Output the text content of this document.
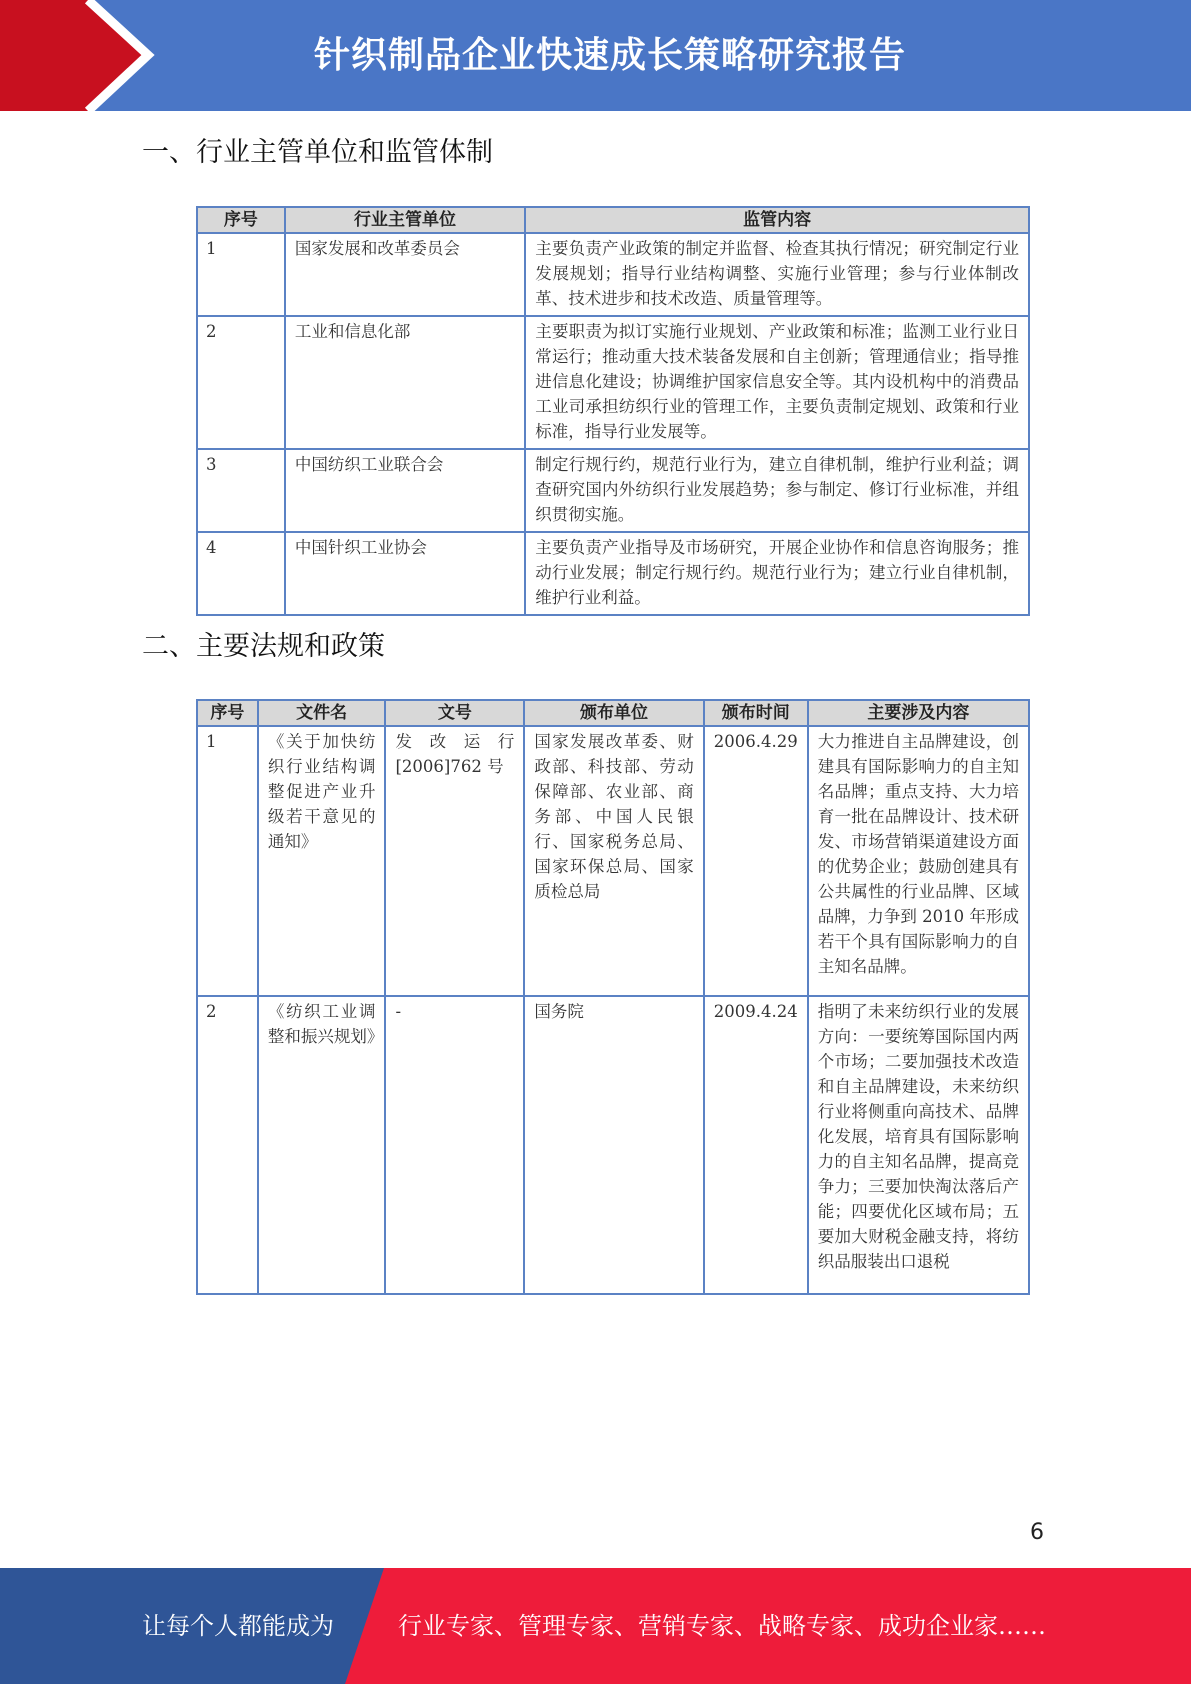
针织制品企业快速成长策略研究报告
一、行业主管单位和监管体制
序号	行业主管单位	监管内容
1	国家发展和改革委员会	主要负责产业政策的制定并监督、检查其执行情况；研究制定行业发展规划；指导行业结构调整、实施行业管理；参与行业体制改革、技术进步和技术改造、质量管理等。
2	工业和信息化部	主要职责为拟订实施行业规划、产业政策和标准；监测工业行业日常运行；推动重大技术装备发展和自主创新；管理通信业；指导推进信息化建设；协调维护国家信息安全等。其内设机构中的消费品工业司承担纺织行业的管理工作，主要负责制定规划、政策和行业标准，指导行业发展等。
3	中国纺织工业联合会	制定行规行约，规范行业行为，建立自律机制，维护行业利益；调查研究国内外纺织行业发展趋势；参与制定、修订行业标准，并组织贯彻实施。
4	中国针织工业协会	主要负责产业指导及市场研究，开展企业协作和信息咨询服务；推动行业发展；制定行规行约。规范行业行为；建立行业自律机制，维护行业利益。
二、主要法规和政策
序号	文件名	文号	颁布单位	颁布时间	主要涉及内容
1	《关于加快纺织行业结构调整促进产业升级若干意见的通知》	发改运行[2006]762 号	国家发展改革委、财政部、科技部、劳动保障部、农业部、商务部、中国人民银行、国家税务总局、国家环保总局、国家质检总局	2006.4.29	大力推进自主品牌建设，创建具有国际影响力的自主知名品牌；重点支持、大力培育一批在品牌设计、技术研发、市场营销渠道建设方面的优势企业；鼓励创建具有公共属性的行业品牌、区域品牌，力争到 2010 年形成若干个具有国际影响力的自主知名品牌。
2	《纺织工业调整和振兴规划》	-	国务院	2009.4.24	指明了未来纺织行业的发展方向：一要统筹国际国内两个市场；二要加强技术改造和自主品牌建设，未来纺织行业将侧重向高技术、品牌化发展，培育具有国际影响力的自主知名品牌，提高竞争力；三要加快淘汰落后产能；四要优化区域布局；五要加大财税金融支持，将纺织品服装出口退税
6
让每个人都能成为	行业专家、管理专家、营销专家、战略专家、成功企业家……
